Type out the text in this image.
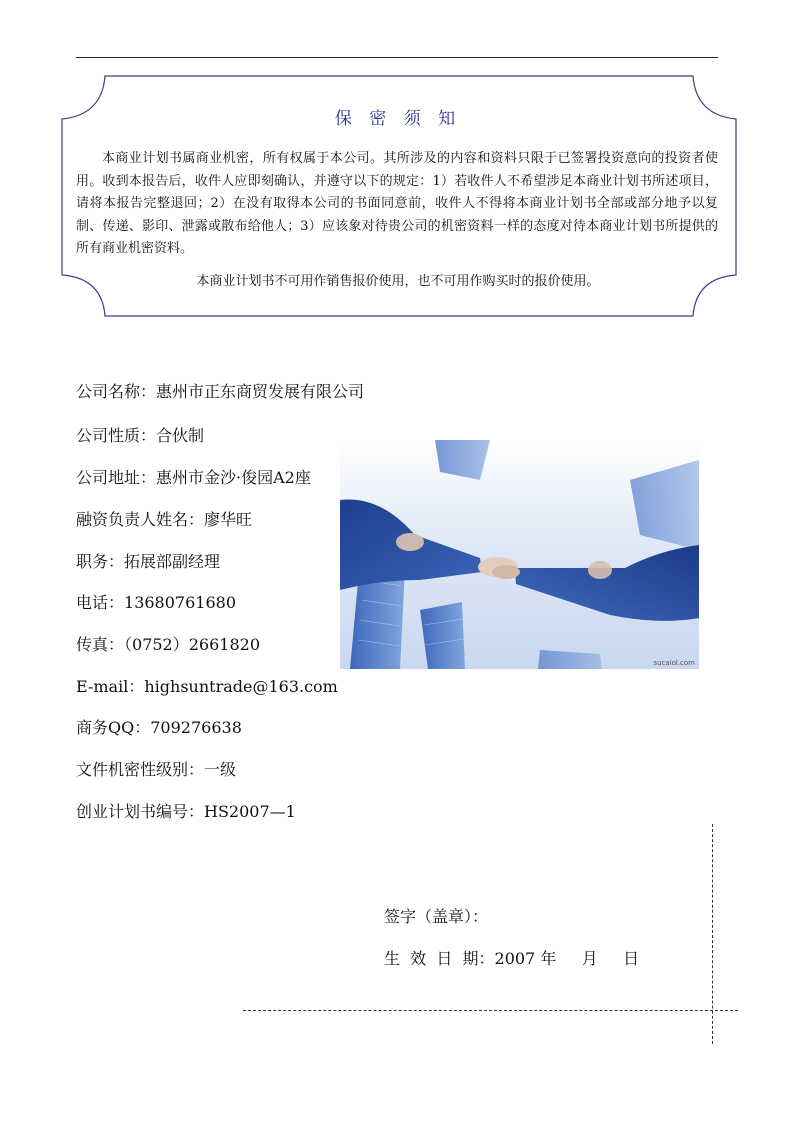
保 密 须 知

本商业计划书属商业机密，所有权属于本公司。其所涉及的内容和资料只限于已签署投资意向的投资者使用。收到本报告后，收件人应即刻确认，并遵守以下的规定：1）若收件人不希望涉足本商业计划书所述项目，请将本报告完整退回；2）在没有取得本公司的书面同意前，收件人不得将本商业计划书全部或部分地予以复制、传递、影印、泄露或散布给他人；3）应该象对待贵公司的机密资料一样的态度对待本商业计划书所提供的所有商业机密资料。

本商业计划书不可用作销售报价使用，也不可用作购买时的报价使用。
公司名称：惠州市正东商贸发展有限公司
公司性质：合伙制
公司地址：惠州市金沙·俊园A2座
融资负责人姓名：廖华旺
职务：拓展部副经理
电话：13680761680
传真：（0752）2661820
E-mail：highsuntrade@163.com
商务QQ：709276638
文件机密性级别：一级
创业计划书编号：HS2007—1
sucaiol.com
签字（盖章）：
生  效  日  期：2007 年     月     日
